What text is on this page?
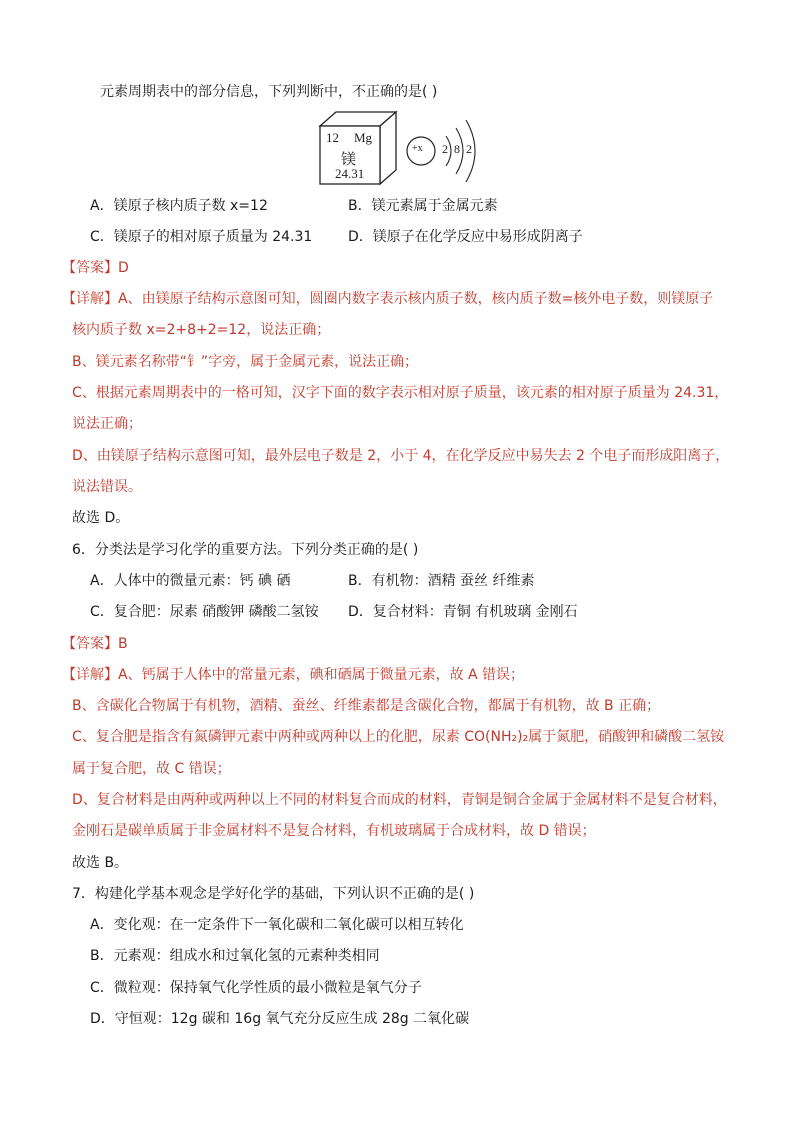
元素周期表中的部分信息，下列判断中，不正确的是( )
12 Mg
镁
24.31
+x 2 8 2
A．镁原子核内质子数 x=12	B．镁元素属于金属元素
C．镁原子的相对原子质量为 24.31	D．镁原子在化学反应中易形成阴离子
【答案】D
【详解】A、由镁原子结构示意图可知，圆圈内数字表示核内质子数，核内质子数=核外电子数，则镁原子
核内质子数 x=2+8+2=12，说法正确；
B、镁元素名称带“钅”字旁，属于金属元素，说法正确；
C、根据元素周期表中的一格可知，汉字下面的数字表示相对原子质量，该元素的相对原子质量为 24.31，
说法正确；
D、由镁原子结构示意图可知，最外层电子数是 2，小于 4，在化学反应中易失去 2 个电子而形成阳离子，
说法错误。
故选 D。
6．分类法是学习化学的重要方法。下列分类正确的是( )
A．人体中的微量元素：钙 碘 硒	B．有机物：酒精 蚕丝 纤维素
C．复合肥：尿素 硝酸钾 磷酸二氢铵 D．复合材料：青铜 有机玻璃 金刚石
【答案】B
【详解】A、钙属于人体中的常量元素，碘和硒属于微量元素，故 A 错误；
B、含碳化合物属于有机物，酒精、蚕丝、纤维素都是含碳化合物，都属于有机物，故 B 正确；
C、复合肥是指含有氮磷钾元素中两种或两种以上的化肥，尿素 CO(NH₂)₂属于氮肥，硝酸钾和磷酸二氢铵
属于复合肥，故 C 错误；
D、复合材料是由两种或两种以上不同的材料复合而成的材料，青铜是铜合金属于金属材料不是复合材料，
金刚石是碳单质属于非金属材料不是复合材料，有机玻璃属于合成材料，故 D 错误；
故选 B。
7．构建化学基本观念是学好化学的基础，下列认识不正确的是( )
A．变化观：在一定条件下一氧化碳和二氧化碳可以相互转化
B．元素观：组成水和过氧化氢的元素种类相同
C．微粒观：保持氧气化学性质的最小微粒是氧气分子
D．守恒观：12g 碳和 16g 氧气充分反应生成 28g 二氧化碳
